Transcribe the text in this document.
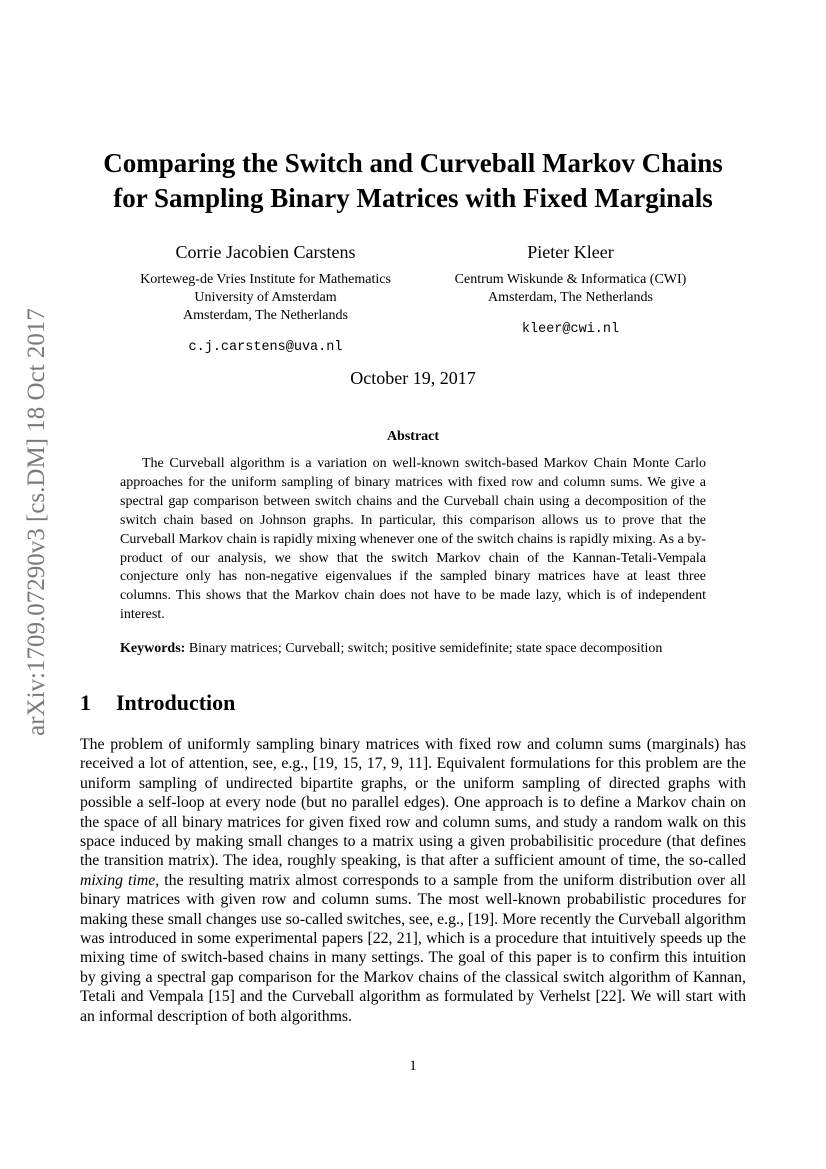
arXiv:1709.07290v3 [cs.DM] 18 Oct 2017
Comparing the Switch and Curveball Markov Chains
for Sampling Binary Matrices with Fixed Marginals
Corrie Jacobien Carstens
Korteweg-de Vries Institute for Mathematics
University of Amsterdam
Amsterdam, The Netherlands
c.j.carstens@uva.nl
Pieter Kleer
Centrum Wiskunde & Informatica (CWI)
Amsterdam, The Netherlands
kleer@cwi.nl
October 19, 2017
Abstract

The Curveball algorithm is a variation on well-known switch-based Markov Chain Monte Carlo approaches for the uniform sampling of binary matrices with fixed row and column sums. We give a spectral gap comparison between switch chains and the Curveball chain using a decomposition of the switch chain based on Johnson graphs. In particular, this comparison allows us to prove that the Curveball Markov chain is rapidly mixing whenever one of the switch chains is rapidly mixing. As a by-product of our analysis, we show that the switch Markov chain of the Kannan-Tetali-Vempala conjecture only has non-negative eigenvalues if the sampled binary matrices have at least three columns. This shows that the Markov chain does not have to be made lazy, which is of independent interest.

Keywords: Binary matrices; Curveball; switch; positive semidefinite; state space decomposition
1 Introduction

The problem of uniformly sampling binary matrices with fixed row and column sums (marginals) has received a lot of attention, see, e.g., [19, 15, 17, 9, 11]. Equivalent formulations for this problem are the uniform sampling of undirected bipartite graphs, or the uniform sampling of directed graphs with possible a self-loop at every node (but no parallel edges). One approach is to define a Markov chain on the space of all binary matrices for given fixed row and column sums, and study a random walk on this space induced by making small changes to a matrix using a given probabilisitic procedure (that defines the transition matrix). The idea, roughly speaking, is that after a sufficient amount of time, the so-called mixing time, the resulting matrix almost corresponds to a sample from the uniform distribution over all binary matrices with given row and column sums. The most well-known probabilistic procedures for making these small changes use so-called switches, see, e.g., [19]. More recently the Curveball algorithm was introduced in some experimental papers [22, 21], which is a procedure that intuitively speeds up the mixing time of switch-based chains in many settings. The goal of this paper is to confirm this intuition by giving a spectral gap comparison for the Markov chains of the classical switch algorithm of Kannan, Tetali and Vempala [15] and the Curveball algorithm as formulated by Verhelst [22]. We will start with an informal description of both algorithms.

1
